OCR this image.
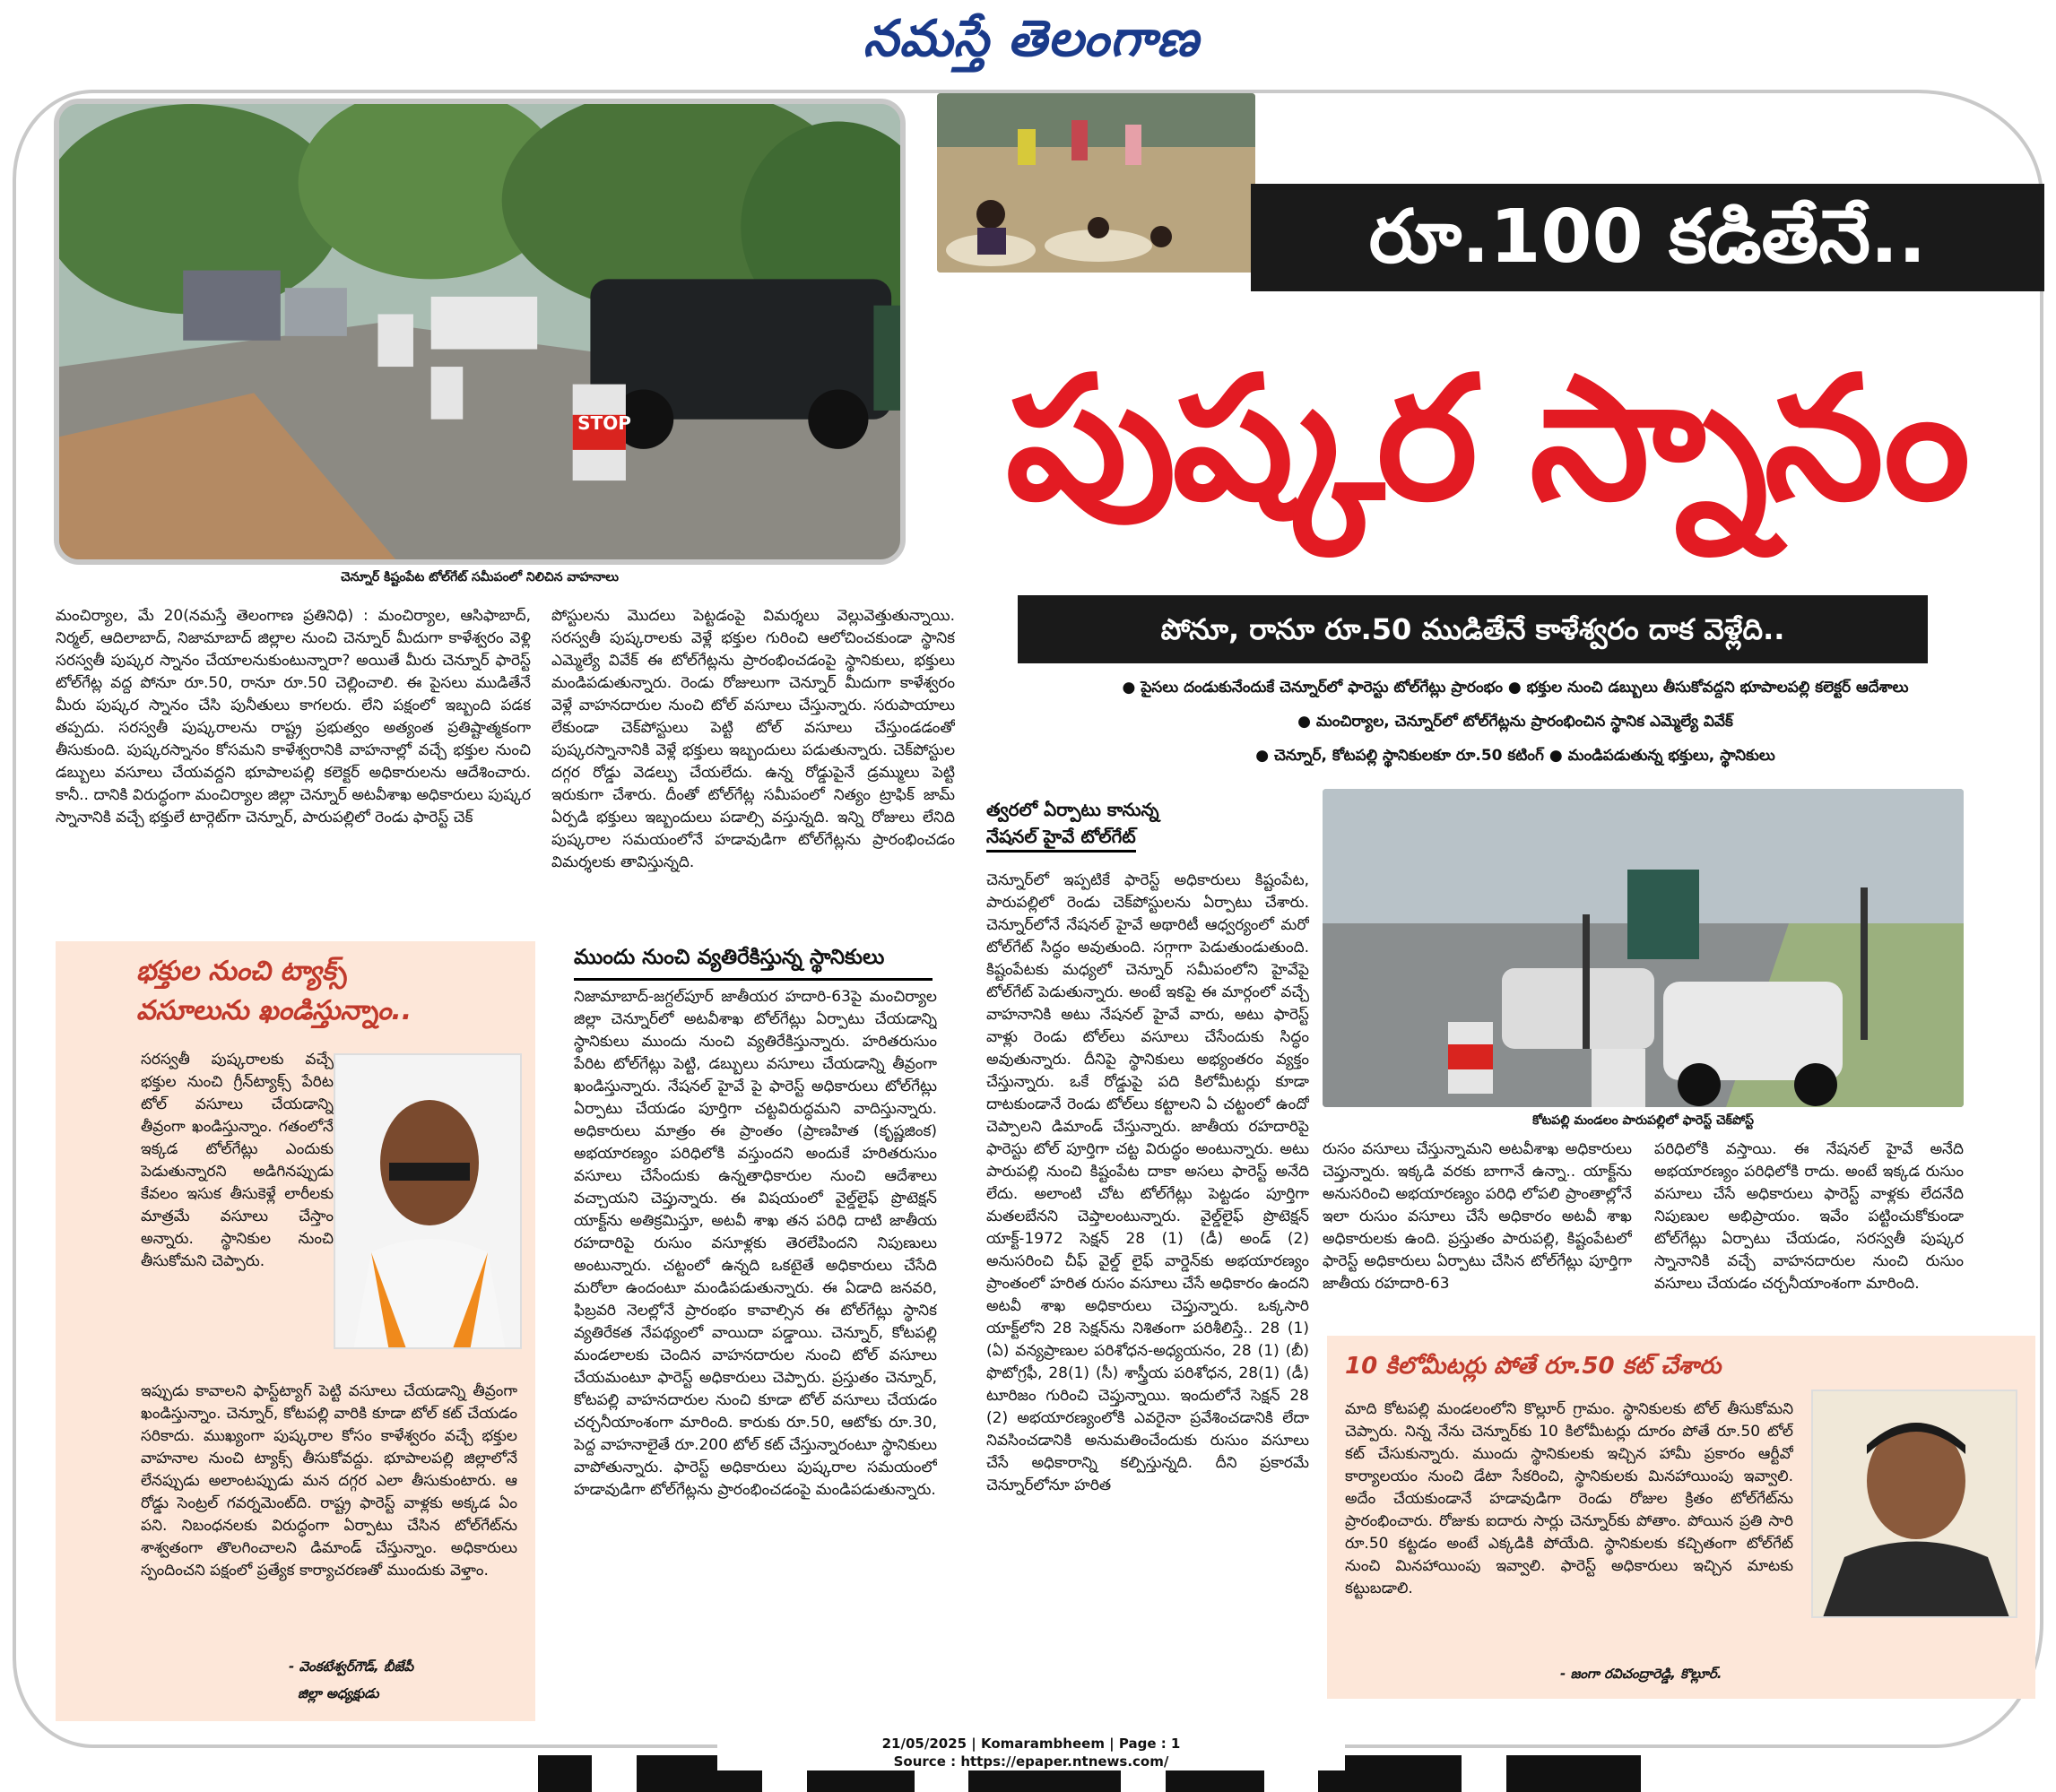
నమస్తే తెలంగాణ
STOP
చెన్నూర్ కిష్టంపేట టోల్‌గేట్ సమీపంలో నిలిచిన వాహనాలు
రూ.100 కడితేనే..
పుష్కర స్నానం
పోనూ, రానూ రూ.50 ముడితేనే కాళేశ్వరం దాక వెళ్లేది..
● పైసలు దండుకునేందుకే చెన్నూర్‌లో ఫారెస్టు టోల్‌గేట్లు ప్రారంభం ● భక్తుల నుంచి డబ్బులు తీసుకోవద్దని భూపాలపల్లి కలెక్టర్ ఆదేశాలు
● మంచిర్యాల, చెన్నూర్‌లో టోల్‌గేట్లను ప్రారంభించిన స్థానిక ఎమ్మెల్యే వివేక్
● చెన్నూర్, కోటపల్లి స్థానికులకూ రూ.50 కటింగ్ ● మండిపడుతున్న భక్తులు, స్థానికులు
మంచిర్యాల, మే 20(నమస్తే తెలంగాణ ప్రతినిధి) : మంచిర్యాల, ఆసిఫాబాద్, నిర్మల్, ఆదిలాబాద్, నిజామాబాద్ జిల్లాల నుంచి చెన్నూర్ మీదుగా కాళేశ్వరం వెళ్లి సరస్వతీ పుష్కర స్నానం చేయాలనుకుంటున్నారా? అయితే మీరు చెన్నూర్ ఫారెస్ట్ టోల్‌గేట్ల వద్ద పోనూ రూ.50, రానూ రూ.50 చెల్లించాలి. ఈ పైసలు ముడితేనే మీరు పుష్కర స్నానం చేసి పునీతులు కాగలరు. లేని పక్షంలో ఇబ్బంది పడక తప్పదు. సరస్వతీ పుష్కరాలను రాష్ట్ర ప్రభుత్వం అత్యంత ప్రతిష్టాత్మకంగా తీసుకుంది. పుష్కరస్నానం కోసమని కాళేశ్వరానికి వాహనాల్లో వచ్చే భక్తుల నుంచి డబ్బులు వసూలు చేయవద్దని భూపాలపల్లి కలెక్టర్ అధికారులను ఆదేశించారు. కానీ.. దానికి విరుద్ధంగా మంచిర్యాల జిల్లా చెన్నూర్ అటవీశాఖ అధికారులు పుష్కర స్నానానికి వచ్చే భక్తులే టార్గెట్‌గా చెన్నూర్, పారుపల్లిలో రెండు ఫారెస్ట్ చెక్
పోస్టులను మొదలు పెట్టడంపై విమర్శలు వెల్లువెత్తుతున్నాయి. సరస్వతీ పుష్కరాలకు వెళ్లే భక్తుల గురించి ఆలోచించకుండా స్థానిక ఎమ్మెల్యే వివేక్ ఈ టోల్‌గేట్లను ప్రారంభించడంపై స్థానికులు, భక్తులు మండిపడుతున్నారు. రెండు రోజులుగా చెన్నూర్ మీదుగా కాళేశ్వరం వెళ్లే వాహనదారుల నుంచి టోల్ వసూలు చేస్తున్నారు. సరుపాయాలు లేకుండా చెక్‌పోస్టులు పెట్టి టోల్ వసూలు చేస్తుండడంతో పుష్కరస్నానానికి వెళ్లే భక్తులు ఇబ్బందులు పడుతున్నారు. చెక్‌పోస్టుల దగ్గర రోడ్డు వెడల్పు చేయలేదు. ఉన్న రోడ్డుపైనే డ్రమ్ములు పెట్టి ఇరుకుగా చేశారు. దీంతో టోల్‌గేట్ల సమీపంలో నిత్యం ట్రాఫిక్ జామ్ ఏర్పడి భక్తులు ఇబ్బందులు పడాల్సి వస్తున్నది. ఇన్ని రోజులు లేనిది పుష్కరాల సమయంలోనే హడావుడిగా టోల్‌గేట్లను ప్రారంభించడం విమర్శలకు తావిస్తున్నది.
భక్తుల నుంచి ట్యాక్స్ వసూలును ఖండిస్తున్నాం..
సరస్వతీ పుష్కరాలకు వచ్చే భక్తుల నుంచి గ్రీన్‌ట్యాక్స్ పేరిట టోల్ వసూలు చేయడాన్ని తీవ్రంగా ఖండిస్తున్నాం. గతంలోనే ఇక్కడ టోల్‌గేట్లు ఎందుకు పెడుతున్నారని అడిగినప్పుడు కేవలం ఇసుక తీసుకెళ్లే లారీలకు మాత్రమే వసూలు చేస్తాం అన్నారు. స్థానికుల నుంచి తీసుకోమని చెప్పారు.
ఇప్పుడు కావాలని ఫాస్ట్‌ట్యాగ్ పెట్టి వసూలు చేయడాన్ని తీవ్రంగా ఖండిస్తున్నాం. చెన్నూర్, కోటపల్లి వారికి కూడా టోల్ కట్ చేయడం సరికాదు. ముఖ్యంగా పుష్కరాల కోసం కాళేశ్వరం వచ్చే భక్తుల వాహనాల నుంచి ట్యాక్స్ తీసుకోవద్దు. భూపాలపల్లి జిల్లాలోనే లేనప్పుడు అలాంటప్పుడు మన దగ్గర ఎలా తీసుకుంటారు. ఆ రోడ్డు సెంట్రల్ గవర్నమెంట్‌ది. రాష్ట్ర ఫారెస్ట్ వాళ్లకు అక్కడ ఏం పని. నిబంధనలకు విరుద్ధంగా ఏర్పాటు చేసిన టోల్‌గేట్‌ను శాశ్వతంగా తొలగించాలని డిమాండ్ చేస్తున్నాం. అధికారులు స్పందించని పక్షంలో ప్రత్యేక కార్యాచరణతో ముందుకు వెళ్తాం.
- వెంకటేశ్వర్‌గౌడ్, బీజేపీ
జిల్లా అధ్యక్షుడు
ముందు నుంచి వ్యతిరేకిస్తున్న స్థానికులు
నిజామాబాద్-జగ్దల్‌పూర్ జాతీయర హదారి-63పై మంచిర్యాల జిల్లా చెన్నూర్‌లో అటవీశాఖ టోల్‌గేట్లు ఏర్పాటు చేయడాన్ని స్థానికులు ముందు నుంచి వ్యతిరేకిస్తున్నారు. హరితరుసుం పేరిట టోల్‌గేట్లు పెట్టి, డబ్బులు వసూలు చేయడాన్ని తీవ్రంగా ఖండిస్తున్నారు. నేషనల్ హైవే పై ఫారెస్ట్ అధికారులు టోల్‌గేట్లు ఏర్పాటు చేయడం పూర్తిగా చట్టవిరుద్ధమని వాదిస్తున్నారు. అధికారులు మాత్రం ఈ ప్రాంతం (ప్రాణహిత (కృష్ణజింక) అభయారణ్యం పరిధిలోకి వస్తుందని అందుకే హరితరుసుం వసూలు చేసేందుకు ఉన్నతాధికారుల నుంచి ఆదేశాలు వచ్చాయని చెప్తున్నారు. ఈ విషయంలో వైల్డ్‌లైఫ్ ప్రొటెక్షన్ యాక్ట్‌ను అతిక్రమిస్తూ, అటవీ శాఖ తన పరిధి దాటి జాతీయ రహదారిపై రుసుం వసూళ్లకు తెరలేపిందని నిపుణులు అంటున్నారు. చట్టంలో ఉన్నది ఒకటైతే అధికారులు చేసేది మరోలా ఉందంటూ మండిపడుతున్నారు. ఈ ఏడాది జనవరి, ఫిబ్రవరి నెలల్లోనే ప్రారంభం కావాల్సిన ఈ టోల్‌గేట్లు స్థానిక వ్యతిరేకత నేపథ్యంలో వాయిదా పడ్డాయి. చెన్నూర్, కోటపల్లి మండలాలకు చెందిన వాహనదారుల నుంచి టోల్ వసూలు చేయమంటూ ఫారెస్ట్ అధికారులు చెప్పారు. ప్రస్తుతం చెన్నూర్, కోటపల్లి వాహనదారుల నుంచి కూడా టోల్ వసూలు చేయడం చర్చనీయాంశంగా మారింది. కారుకు రూ.50, ఆటోకు రూ.30, పెద్ద వాహనాలైతే రూ.200 టోల్ కట్ చేస్తున్నారంటూ స్థానికులు వాపోతున్నారు. ఫారెస్ట్ అధికారులు పుష్కరాల సమయంలో హడావుడిగా టోల్‌గేట్లను ప్రారంభించడంపై మండిపడుతున్నారు.
త్వరలో ఏర్పాటు కానున్న
నేషనల్ హైవే టోల్‌గేట్
చెన్నూర్‌లో ఇప్పటికే ఫారెస్ట్ అధికారులు కిష్టంపేట, పారుపల్లిలో రెండు చెక్‌పోస్టులను ఏర్పాటు చేశారు. చెన్నూర్‌లోనే నేషనల్ హైవే అథారిటీ ఆధ్వర్యంలో మరో టోల్‌గేట్ సిద్ధం అవుతుంది. సగ్గాగా పెడుతుండుతుంది. కిష్టంపేటకు మధ్యలో చెన్నూర్ సమీపంలోని హైవేపై టోల్‌గేట్ పెడుతున్నారు. అంటే ఇకపై ఈ మార్గంలో వచ్చే వాహనానికి అటు నేషనల్ హైవే వారు, అటు ఫారెస్ట్ వాళ్లు రెండు టోల్‌లు వసూలు చేసేందుకు సిద్ధం అవుతున్నారు. దీనిపై స్థానికులు అభ్యంతరం వ్యక్తం చేస్తున్నారు. ఒకే రోడ్డుపై పది కిలోమీటర్లు కూడా దాటకుండానే రెండు టోల్‌లు కట్టాలని ఏ చట్టంలో ఉందో చెప్పాలని డిమాండ్ చేస్తున్నారు. జాతీయ రహదారిపై ఫారెస్టు టోల్ పూర్తిగా చట్ట విరుద్ధం అంటున్నారు. అటు పారుపల్లి నుంచి కిష్టంపేట దాకా అసలు ఫారెస్ట్ అనేది లేదు. అలాంటి చోట టోల్‌గేట్లు పెట్టడం పూర్తిగా మతలబేనని చెప్తాలంటున్నారు. వైల్డ్‌లైఫ్ ప్రొటెక్షన్ యాక్ట్-1972 సెక్షన్ 28 (1) (డీ) అండ్ (2) అనుసరించి చీఫ్ వైల్డ్ లైఫ్ వార్డెన్‌కు అభయారణ్యం ప్రాంతంలో హరిత రుసం వసూలు చేసే అధికారం ఉందని అటవీ శాఖ అధికారులు చెప్తున్నారు. ఒక్కసారి యాక్ట్‌లోని 28 సెక్షన్‌ను నిశితంగా పరిశీలిస్తే.. 28 (1) (ఏ) వన్యప్రాణుల పరిశోధన-అధ్యయనం, 28 (1) (బీ) ఫొటోగ్రఫీ, 28(1) (సీ) శాస్త్రీయ పరిశోధన, 28(1) (డీ) టూరిజం గురించి చెప్తున్నాయి. ఇందులోనే సెక్షన్ 28 (2) అభయారణ్యంలోకి ఎవరైనా ప్రవేశించడానికి లేదా నివసించడానికి అనుమతించేందుకు రుసుం వసూలు చేసే అధికారాన్ని కల్పిస్తున్నది. దీని ప్రకారమే చెన్నూర్‌లోనూ హరిత
కోటపల్లి మండలం పారుపల్లిలో ఫారెస్ట్ చెక్‌పోస్ట్
రుసం వసూలు చేస్తున్నామని అటవీశాఖ అధికారులు చెప్తున్నారు. ఇక్కడి వరకు బాగానే ఉన్నా.. యాక్ట్‌ను అనుసరించి అభయారణ్యం పరిధి లోపలి ప్రాంతాల్లోనే ఇలా రుసుం వసూలు చేసే అధికారం అటవీ శాఖ అధికారులకు ఉంది. ప్రస్తుతం పారుపల్లి, కిష్టంపేటలో ఫారెస్ట్ అధికారులు ఏర్పాటు చేసిన టోల్‌గేట్లు పూర్తిగా జాతీయ రహదారి-63
పరిధిలోకి వస్తాయి. ఈ నేషనల్ హైవే అనేది అభయారణ్యం పరిధిలోకి రాదు. అంటే ఇక్కడ రుసుం వసూలు చేసే అధికారులు ఫారెస్ట్ వాళ్లకు లేదనేది నిపుణుల అభిప్రాయం. ఇవేం పట్టించుకోకుండా టోల్‌గేట్లు ఏర్పాటు చేయడం, సరస్వతీ పుష్కర స్నానానికి వచ్చే వాహనదారుల నుంచి రుసుం వసూలు చేయడం చర్చనీయాంశంగా మారింది.
10 కిలోమీటర్లు పోతే రూ.50 కట్ చేశారు
మాది కోటపల్లి మండలంలోని కొల్లూర్ గ్రామం. స్థానికులకు టోల్ తీసుకోమని చెప్పారు. నిన్న నేను చెన్నూర్‌కు 10 కిలోమీటర్లు దూరం పోతే రూ.50 టోల్ కట్ చేసుకున్నారు. ముందు స్థానికులకు ఇచ్చిన హామీ ప్రకారం ఆర్టీవో కార్యాలయం నుంచి డేటా సేకరించి, స్థానికులకు మినహాయింపు ఇవ్వాలి. అదేం చేయకుండానే హడావుడిగా రెండు రోజుల క్రితం టోల్‌గేట్‌ను ప్రారంభించారు. రోజుకు ఐదారు సార్లు చెన్నూర్‌కు పోతాం. పోయిన ప్రతి సారి రూ.50 కట్టడం అంటే ఎక్కడికి పోయేది. స్థానికులకు కచ్చితంగా టోల్‌గేట్ నుంచి మినహాయింపు ఇవ్వాలి. ఫారెస్ట్ అధికారులు ఇచ్చిన మాటకు కట్టుబడాలి.
- జంగా రవిచంద్రారెడ్డి, కొల్లూర్.
21/05/2025 | Komarambheem | Page : 1
Source : https://epaper.ntnews.com/
